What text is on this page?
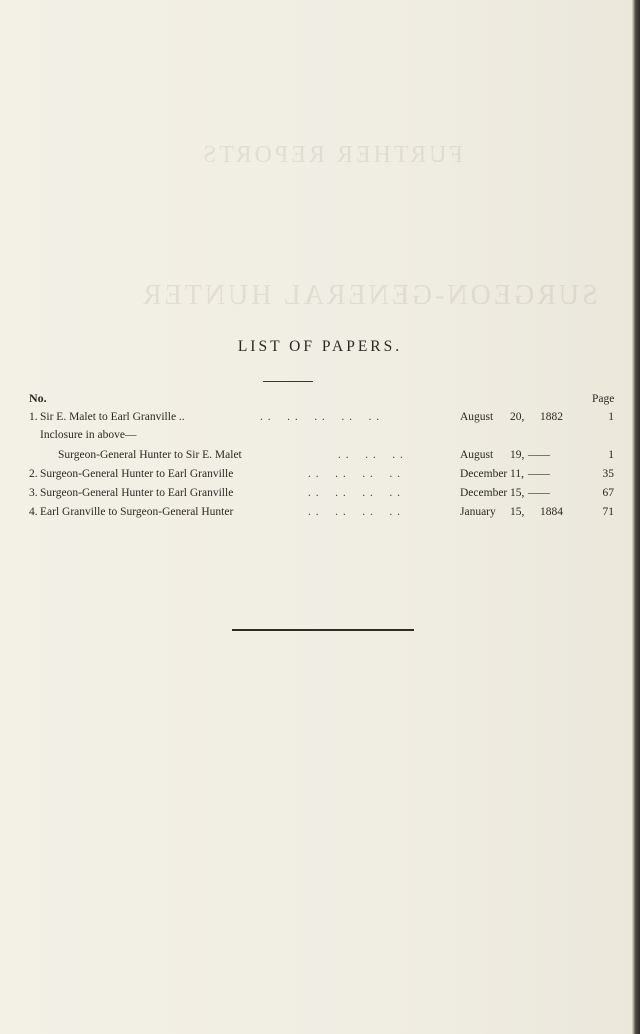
FURTHER REPORTS
SURGEON-GENERAL HUNTER
LIST OF PAPERS.
No.	Page
1. Sir E. Malet to Earl Granville ..	. .    . .    . .    . .    . .	August 20, 1882	1
Inclosure in above—
Surgeon-General Hunter to Sir E. Malet	. .    . .    . .	August 19, ——	1
2. Surgeon-General Hunter to Earl Granville	. .    . .    . .    . .	December 11, ——	35
3. Surgeon-General Hunter to Earl Granville	. .    . .    . .    . .	December 15, ——	67
4. Earl Granville to Surgeon-General Hunter	. .    . .    . .    . .	January 15, 1884	71
